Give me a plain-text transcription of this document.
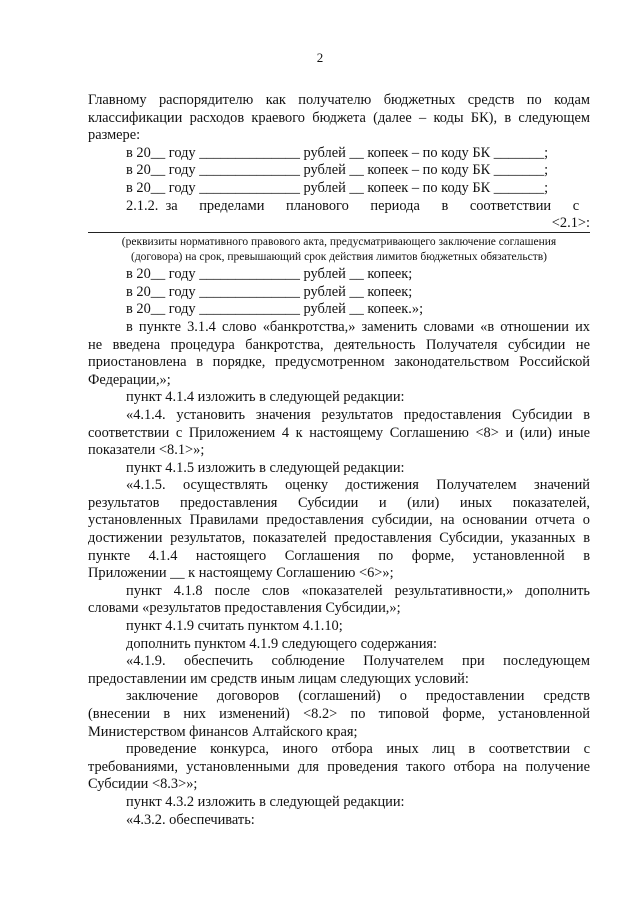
2
Главному распорядителю как получателю бюджетных средств по кодам
классификации расходов краевого бюджета (далее – коды БК), в следующем
размере:
в 20__ году ______________ рублей __ копеек – по коду БК _______;
в 20__ году ______________ рублей __ копеек – по коду БК _______;
в 20__ году ______________ рублей __ копеек – по коду БК _______;
2.1.2.  за      пределами      планового      периода      в      соответствии      с
<2.1>:
(реквизиты нормативного правового акта, предусматривающего заключение соглашения
(договора) на срок, превышающий срок действия лимитов бюджетных обязательств)
в 20__ году ______________ рублей __ копеек;
в 20__ году ______________ рублей __ копеек;
в 20__ году ______________ рублей __ копеек.»;
в пункте 3.1.4 слово «банкротства,» заменить словами «в отношении их
не введена процедура банкротства, деятельность Получателя субсидии не
приостановлена в порядке, предусмотренном законодательством Российской
Федерации,»;
пункт 4.1.4 изложить в следующей редакции:
«4.1.4. установить значения результатов предоставления Субсидии в
соответствии с Приложением 4 к настоящему Соглашению <8> и (или) иные
показатели <8.1>»;
пункт 4.1.5 изложить в следующей редакции:
«4.1.5. осуществлять оценку достижения Получателем значений
результатов предоставления Субсидии и (или) иных показателей,
установленных Правилами предоставления субсидии, на основании отчета о
достижении результатов, показателей предоставления Субсидии, указанных в
пункте 4.1.4 настоящего Соглашения по форме, установленной в
Приложении __ к настоящему Соглашению <6>»;
пункт 4.1.8 после слов «показателей результативности,» дополнить
словами «результатов предоставления Субсидии,»;
пункт 4.1.9 считать пунктом 4.1.10;
дополнить пунктом 4.1.9 следующего содержания:
«4.1.9. обеспечить соблюдение Получателем при последующем
предоставлении им средств иным лицам следующих условий:
заключение договоров (соглашений) о предоставлении средств
(внесении в них изменений) <8.2> по типовой форме, установленной
Министерством финансов Алтайского края;
проведение конкурса, иного отбора иных лиц в соответствии с
требованиями, установленными для проведения такого отбора на получение
Субсидии <8.3>»;
пункт 4.3.2 изложить в следующей редакции:
«4.3.2. обеспечивать:
